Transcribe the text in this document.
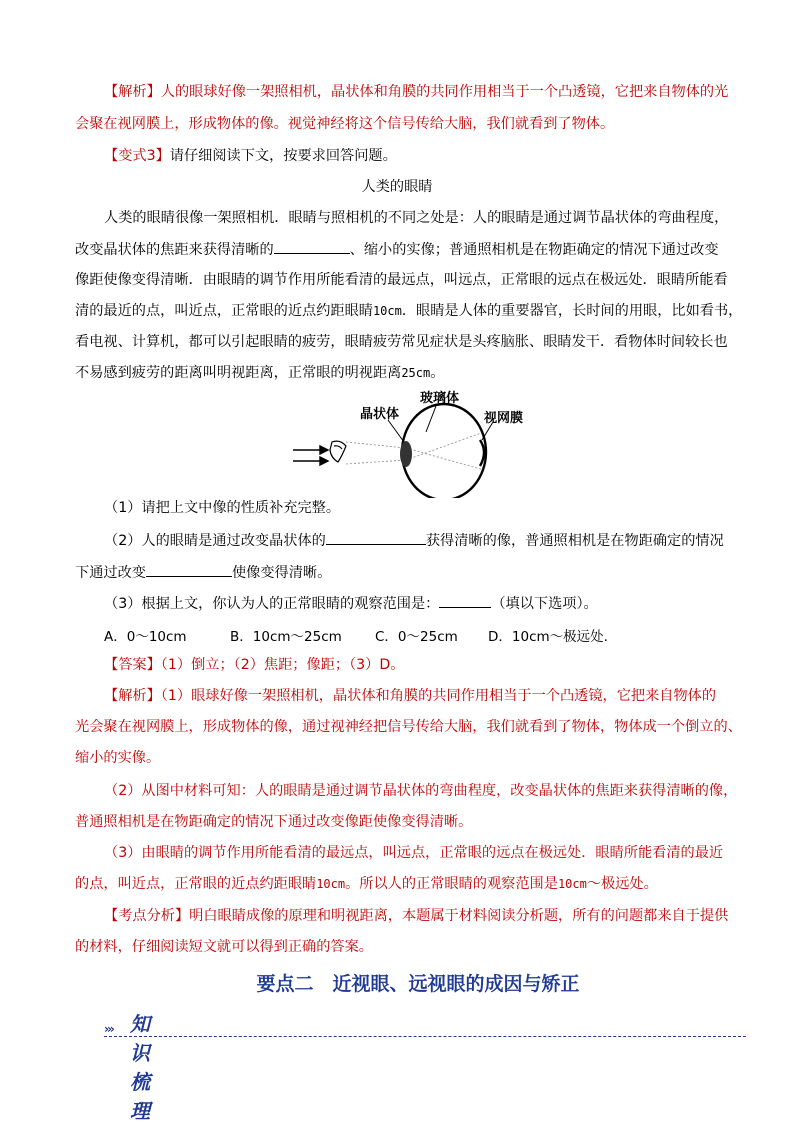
【解析】人的眼球好像一架照相机，晶状体和角膜的共同作用相当于一个凸透镜，它把来自物体的光
会聚在视网膜上，形成物体的像。视觉神经将这个信号传给大脑，我们就看到了物体。
【变式3】请仔细阅读下文，按要求回答问题。
人类的眼睛
人类的眼睛很像一架照相机．眼睛与照相机的不同之处是：人的眼睛是通过调节晶状体的弯曲程度，
改变晶状体的焦距来获得清晰的	、缩小的实像；普通照相机是在物距确定的情况下通过改变
像距使像变得清晰．由眼睛的调节作用所能看清的最远点，叫远点，正常眼的远点在极远处．眼睛所能看
清的最近的点，叫近点，正常眼的近点约距眼睛10cm．眼睛是人体的重要器官，长时间的用眼，比如看书，
看电视、计算机，都可以引起眼睛的疲劳，眼睛疲劳常见症状是头疼脑胀、眼睛发干．看物体时间较长也
不易感到疲劳的距离叫明视距离，正常眼的明视距离25cm。
晶状体
玻璃体
视网膜
（1）请把上文中像的性质补充完整。
（2）人的眼睛是通过改变晶状体的	获得清晰的像，普通照相机是在物距确定的情况
下通过改变	使像变得清晰。
（3）根据上文，你认为人的正常眼睛的观察范围是：	（填以下选项）。
A．0～10cm	B．10cm～25cm C．0～25cm D．10cm～极远处.
【答案】（1）倒立；（2）焦距；像距；（3）D。
【解析】（1）眼球好像一架照相机，晶状体和角膜的共同作用相当于一个凸透镜，它把来自物体的
光会聚在视网膜上，形成物体的像，通过视神经把信号传给大脑，我们就看到了物体，物体成一个倒立的、
缩小的实像。
（2）从图中材料可知：人的眼睛是通过调节晶状体的弯曲程度，改变晶状体的焦距来获得清晰的像，
普通照相机是在物距确定的情况下通过改变像距使像变得清晰。
（3）由眼睛的调节作用所能看清的最远点，叫远点，正常眼的远点在极远处．眼睛所能看清的最近
的点，叫近点，正常眼的近点约距眼睛10cm。所以人的正常眼睛的观察范围是10cm～极远处。
【考点分析】明白眼睛成像的原理和明视距离，本题属于材料阅读分析题，所有的问题都来自于提供
的材料，仔细阅读短文就可以得到正确的答案。
要点二　近视眼、远视眼的成因与矫正
››› 知识梳理
